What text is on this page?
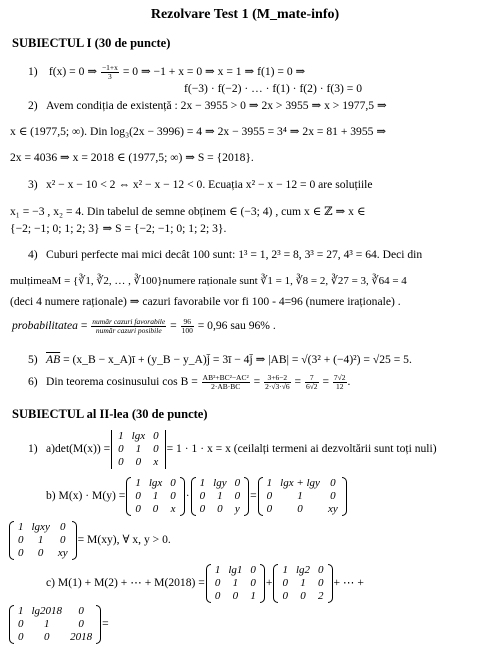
Rezolvare Test 1 (M_mate-info)
SUBIECTUL I (30 de puncte)
1) f(x) = 0 ⇒ $\frac{-1+x}{3} = 0$ ⇒ −1 + x = 0 ⇒ x = 1 ⇒ f(1) = 0 ⇒
f(−3) · f(−2) · … · f(1) · f(2) · f(3) = 0
2) Avem condiția de existență : 2x − 3955 > 0 ⇒ 2x > 3955 ⇒ x > 1977,5 ⇒
x ∈ (1977,5; ∞). Din log₃(2x − 3996) = 4 ⇒ 2x − 3955 = 3⁴ ⇒ 2x = 81 + 3955 ⇒
2x = 4036 ⇒ x = 2018 ∈ (1977,5; ∞) ⇒ S = {2018}.
3) x² − x − 10 < 2 ⇔ x² − x − 12 < 0. Ecuația x² − x − 12 = 0 are soluțiile
x₁ = −3 , x₂ = 4. Din tabelul de semne obținem ∈ (−3; 4) , cum x ∈ ℤ ⇒ x ∈
{−2; −1; 0; 1; 2; 3} ⇒ S = {−2; −1; 0; 1; 2; 3}.
4) Cuburi perfecte mai mici decât 100 sunt: 1³ = 1, 2³ = 8, 3³ = 27, 4³ = 64. Deci din
mulțimeaM = {∛1, ∛2, … , ∛100}numere raționale sunt ∛1 = 1, ∛8 = 2, ∛27 = 3, ∛64 = 4
(deci 4 numere raționale) ⇒ cazuri favorabile vor fi 100 - 4=96 (numere iraționale) .
probabilitatea = $\frac{\text{număr cazuri favorabile}}{\text{număr cazuri posibile}} = \frac{96}{100} = 0,96$ sau 96% .
5) $\overline{AB}$ = (x_B − x_A)ī + (y_B − y_A)j̄ = 3ī − 4j̄ ⇒ |AB| = √(3² + (−4)²) = √25 = 5.
6) Din teorema cosinusului $\cos B = \frac{\text{AB²+BC²−AC²}}{2\cdot AB\cdot BC} = \frac{3+6-2}{2\cdot√3\cdot√6} = \frac{7}{6√2} = \frac{7√2}{12}$ .
SUBIECTUL al II-lea (30 de puncte)
1) a)det(M(x)) =
1	lgx	0
0	1	0
0	0	x
= 1 · 1 · x = x (ceilalți termeni ai dezvoltării sunt toți nuli)
b) M(x) · M(y) =
1	lgx	0
0	1	0
0	0	x
·
1	lgy	0
0	1	0
0	0	y
=
1	lgx + lgy	0
0	1	0
0	0	xy
1	lgxy	0
0	1	0
0	0	xy
= M(xy), ∀ x, y > 0.
c) M(1) + M(2) + ⋯ + M(2018) =
1	lg1	0
0	1	0
0	0	1
+
1	lg2	0
0	1	0
0	0	2
+ ⋯ +
1	lg2018	0
0	1	0
0	0	2018
=
